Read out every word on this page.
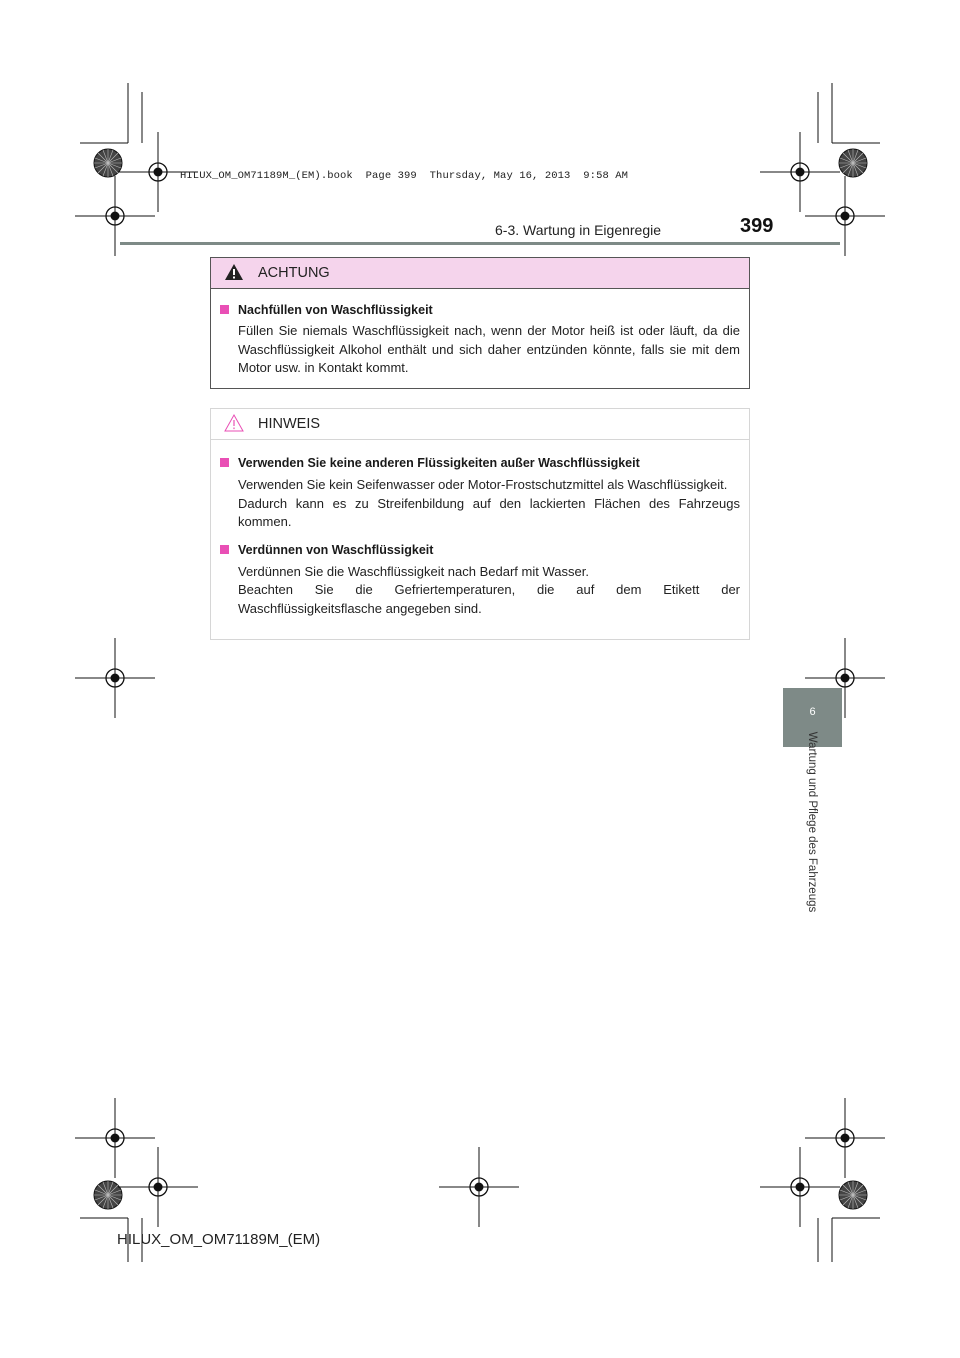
HILUX_OM_OM71189M_(EM).book  Page 399  Thursday, May 16, 2013  9:58 AM
6-3. Wartung in Eigenregie	399
ACHTUNG
Nachfüllen von Waschflüssigkeit
Füllen Sie niemals Waschflüssigkeit nach, wenn der Motor heiß ist oder läuft, da die Waschflüssigkeit Alkohol enthält und sich daher entzünden könnte, falls sie mit dem Motor usw. in Kontakt kommt.
HINWEIS
Verwenden Sie keine anderen Flüssigkeiten außer Waschflüssigkeit
Verwenden Sie kein Seifenwasser oder Motor-Frostschutzmittel als Waschflüssigkeit.
Dadurch kann es zu Streifenbildung auf den lackierten Flächen des Fahrzeugs kommen.
Verdünnen von Waschflüssigkeit
Verdünnen Sie die Waschflüssigkeit nach Bedarf mit Wasser.
Beachten Sie die Gefriertemperaturen, die auf dem Etikett der Waschflüssigkeitsflasche angegeben sind.
6
Wartung und Pflege des Fahrzeugs
HILUX_OM_OM71189M_(EM)
